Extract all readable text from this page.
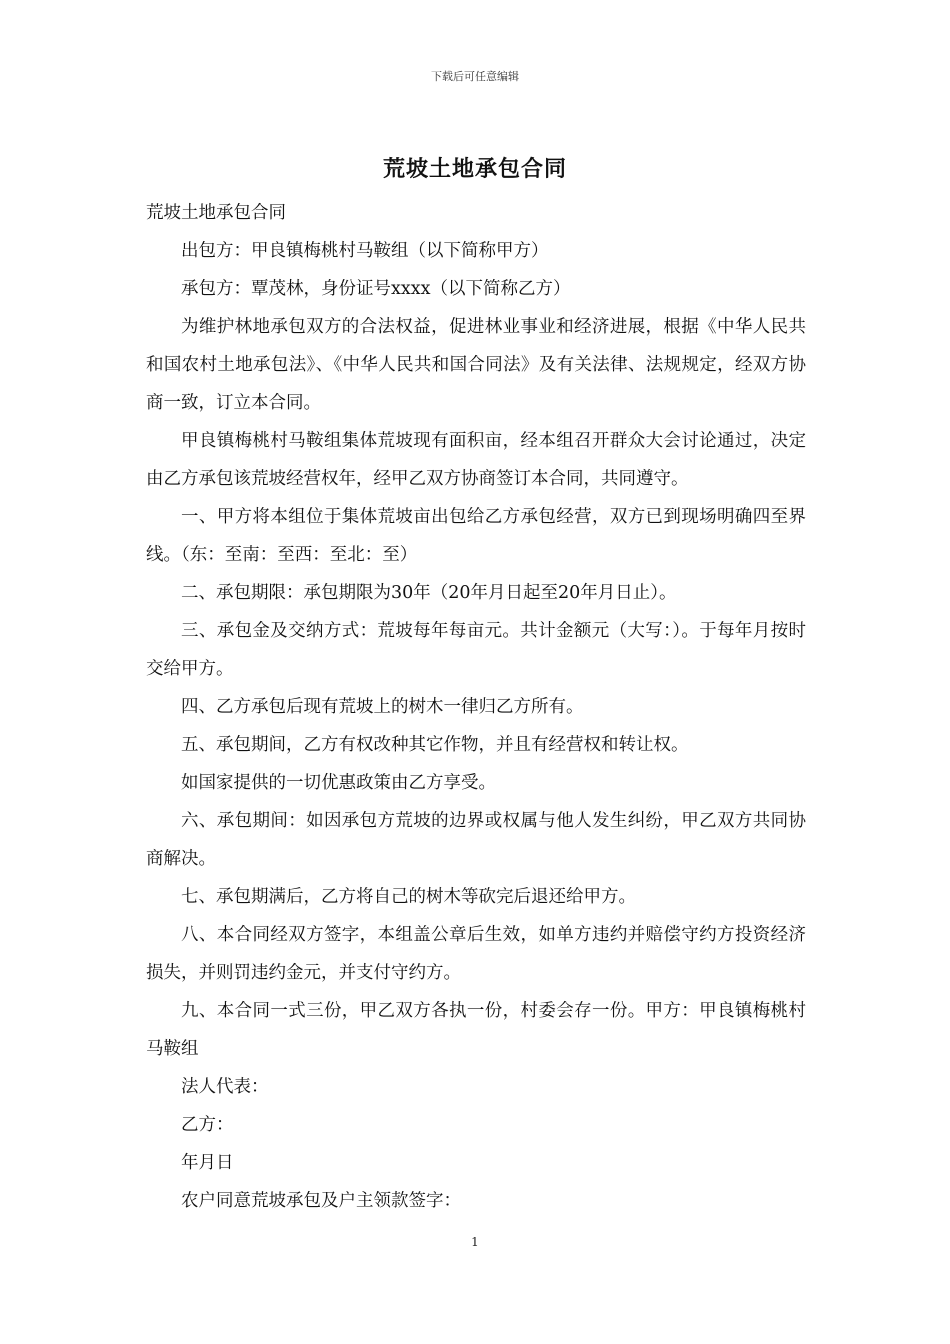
下载后可任意编辑
荒坡土地承包合同

荒坡土地承包合同

出包方：甲良镇梅桃村马鞍组（以下简称甲方）

承包方：覃茂林，身份证号xxxx（以下简称乙方）

为维护林地承包双方的合法权益，促进林业事业和经济进展，根据《中华人民共和国农村土地承包法》、《中华人民共和国合同法》及有关法律、法规规定，经双方协商一致，订立本合同。

甲良镇梅桃村马鞍组集体荒坡现有面积亩，经本组召开群众大会讨论通过，决定由乙方承包该荒坡经营权年，经甲乙双方协商签订本合同，共同遵守。

一、甲方将本组位于集体荒坡亩出包给乙方承包经营，双方已到现场明确四至界线。（东：至南：至西：至北：至）

二、承包期限：承包期限为30年（20年月日起至20年月日止）。

三、承包金及交纳方式：荒坡每年每亩元。共计金额元（大写：）。于每年月按时交给甲方。

四、乙方承包后现有荒坡上的树木一律归乙方所有。

五、承包期间，乙方有权改种其它作物，并且有经营权和转让权。

如国家提供的一切优惠政策由乙方享受。

六、承包期间：如因承包方荒坡的边界或权属与他人发生纠纷，甲乙双方共同协商解决。

七、承包期满后，乙方将自己的树木等砍完后退还给甲方。

八、本合同经双方签字，本组盖公章后生效，如单方违约并赔偿守约方投资经济损失，并则罚违约金元，并支付守约方。

九、本合同一式三份，甲乙双方各执一份，村委会存一份。甲方：甲良镇梅桃村马鞍组

法人代表：

乙方：

年月日

农户同意荒坡承包及户主领款签字：

1
